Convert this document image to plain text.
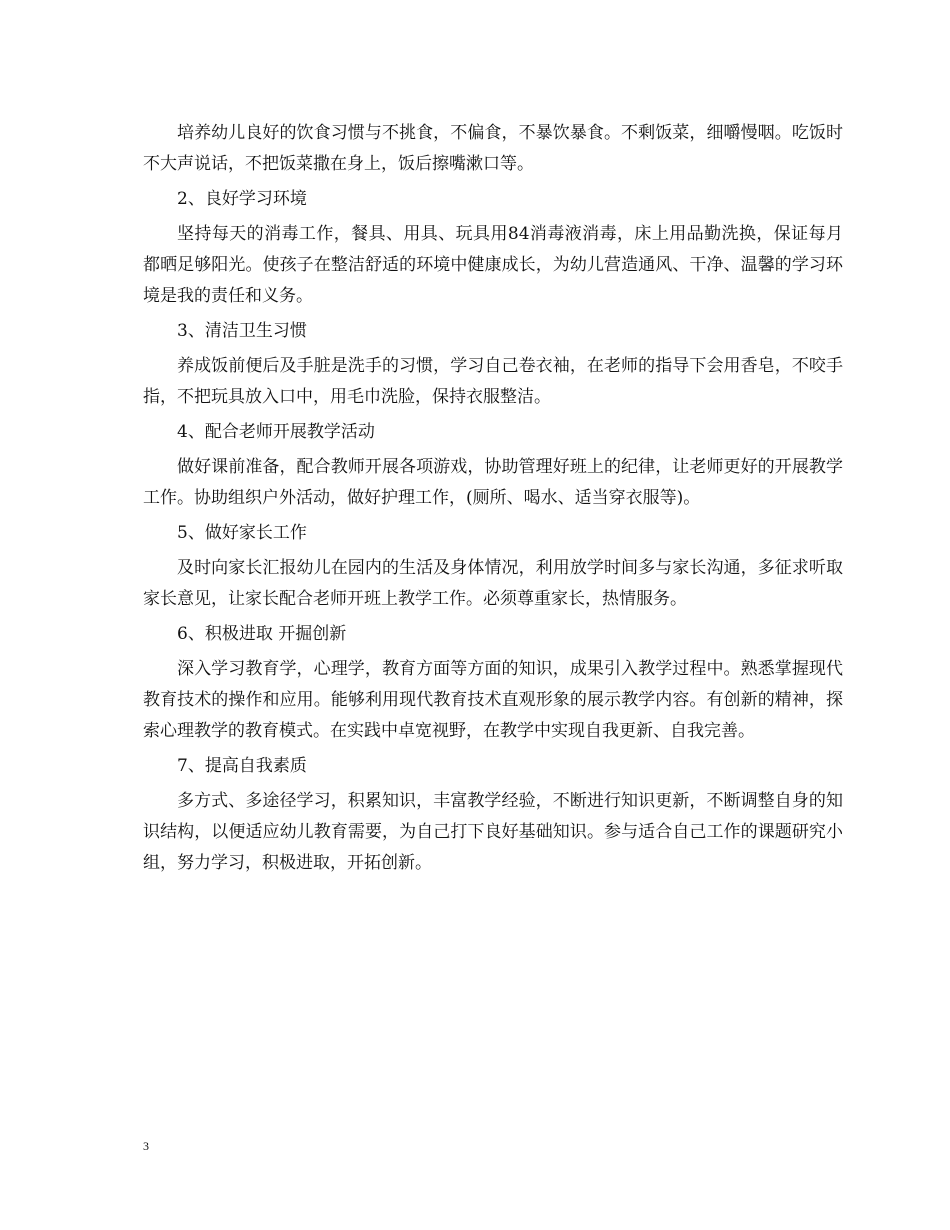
培养幼儿良好的饮食习惯与不挑食，不偏食，不暴饮暴食。不剩饭菜，细嚼慢咽。吃饭时不大声说话，不把饭菜撒在身上，饭后擦嘴漱口等。

2、良好学习环境

坚持每天的消毒工作，餐具、用具、玩具用84消毒液消毒，床上用品勤洗换，保证每月都晒足够阳光。使孩子在整洁舒适的环境中健康成长，为幼儿营造通风、干净、温馨的学习环境是我的责任和义务。

3、清洁卫生习惯

养成饭前便后及手脏是洗手的习惯，学习自己卷衣袖，在老师的指导下会用香皂，不咬手指，不把玩具放入口中，用毛巾洗脸，保持衣服整洁。

4、配合老师开展教学活动

做好课前准备，配合教师开展各项游戏，协助管理好班上的纪律，让老师更好的开展教学工作。协助组织户外活动，做好护理工作，(厕所、喝水、适当穿衣服等)。

5、做好家长工作

及时向家长汇报幼儿在园内的生活及身体情况，利用放学时间多与家长沟通，多征求听取家长意见，让家长配合老师开班上教学工作。必须尊重家长，热情服务。

6、积极进取 开掘创新

深入学习教育学，心理学，教育方面等方面的知识，成果引入教学过程中。熟悉掌握现代教育技术的操作和应用。能够利用现代教育技术直观形象的展示教学内容。有创新的精神，探索心理教学的教育模式。在实践中卓宽视野，在教学中实现自我更新、自我完善。

7、提高自我素质

多方式、多途径学习，积累知识，丰富教学经验，不断进行知识更新，不断调整自身的知识结构，以便适应幼儿教育需要，为自己打下良好基础知识。参与适合自己工作的课题研究小组，努力学习，积极进取，开拓创新。

3
